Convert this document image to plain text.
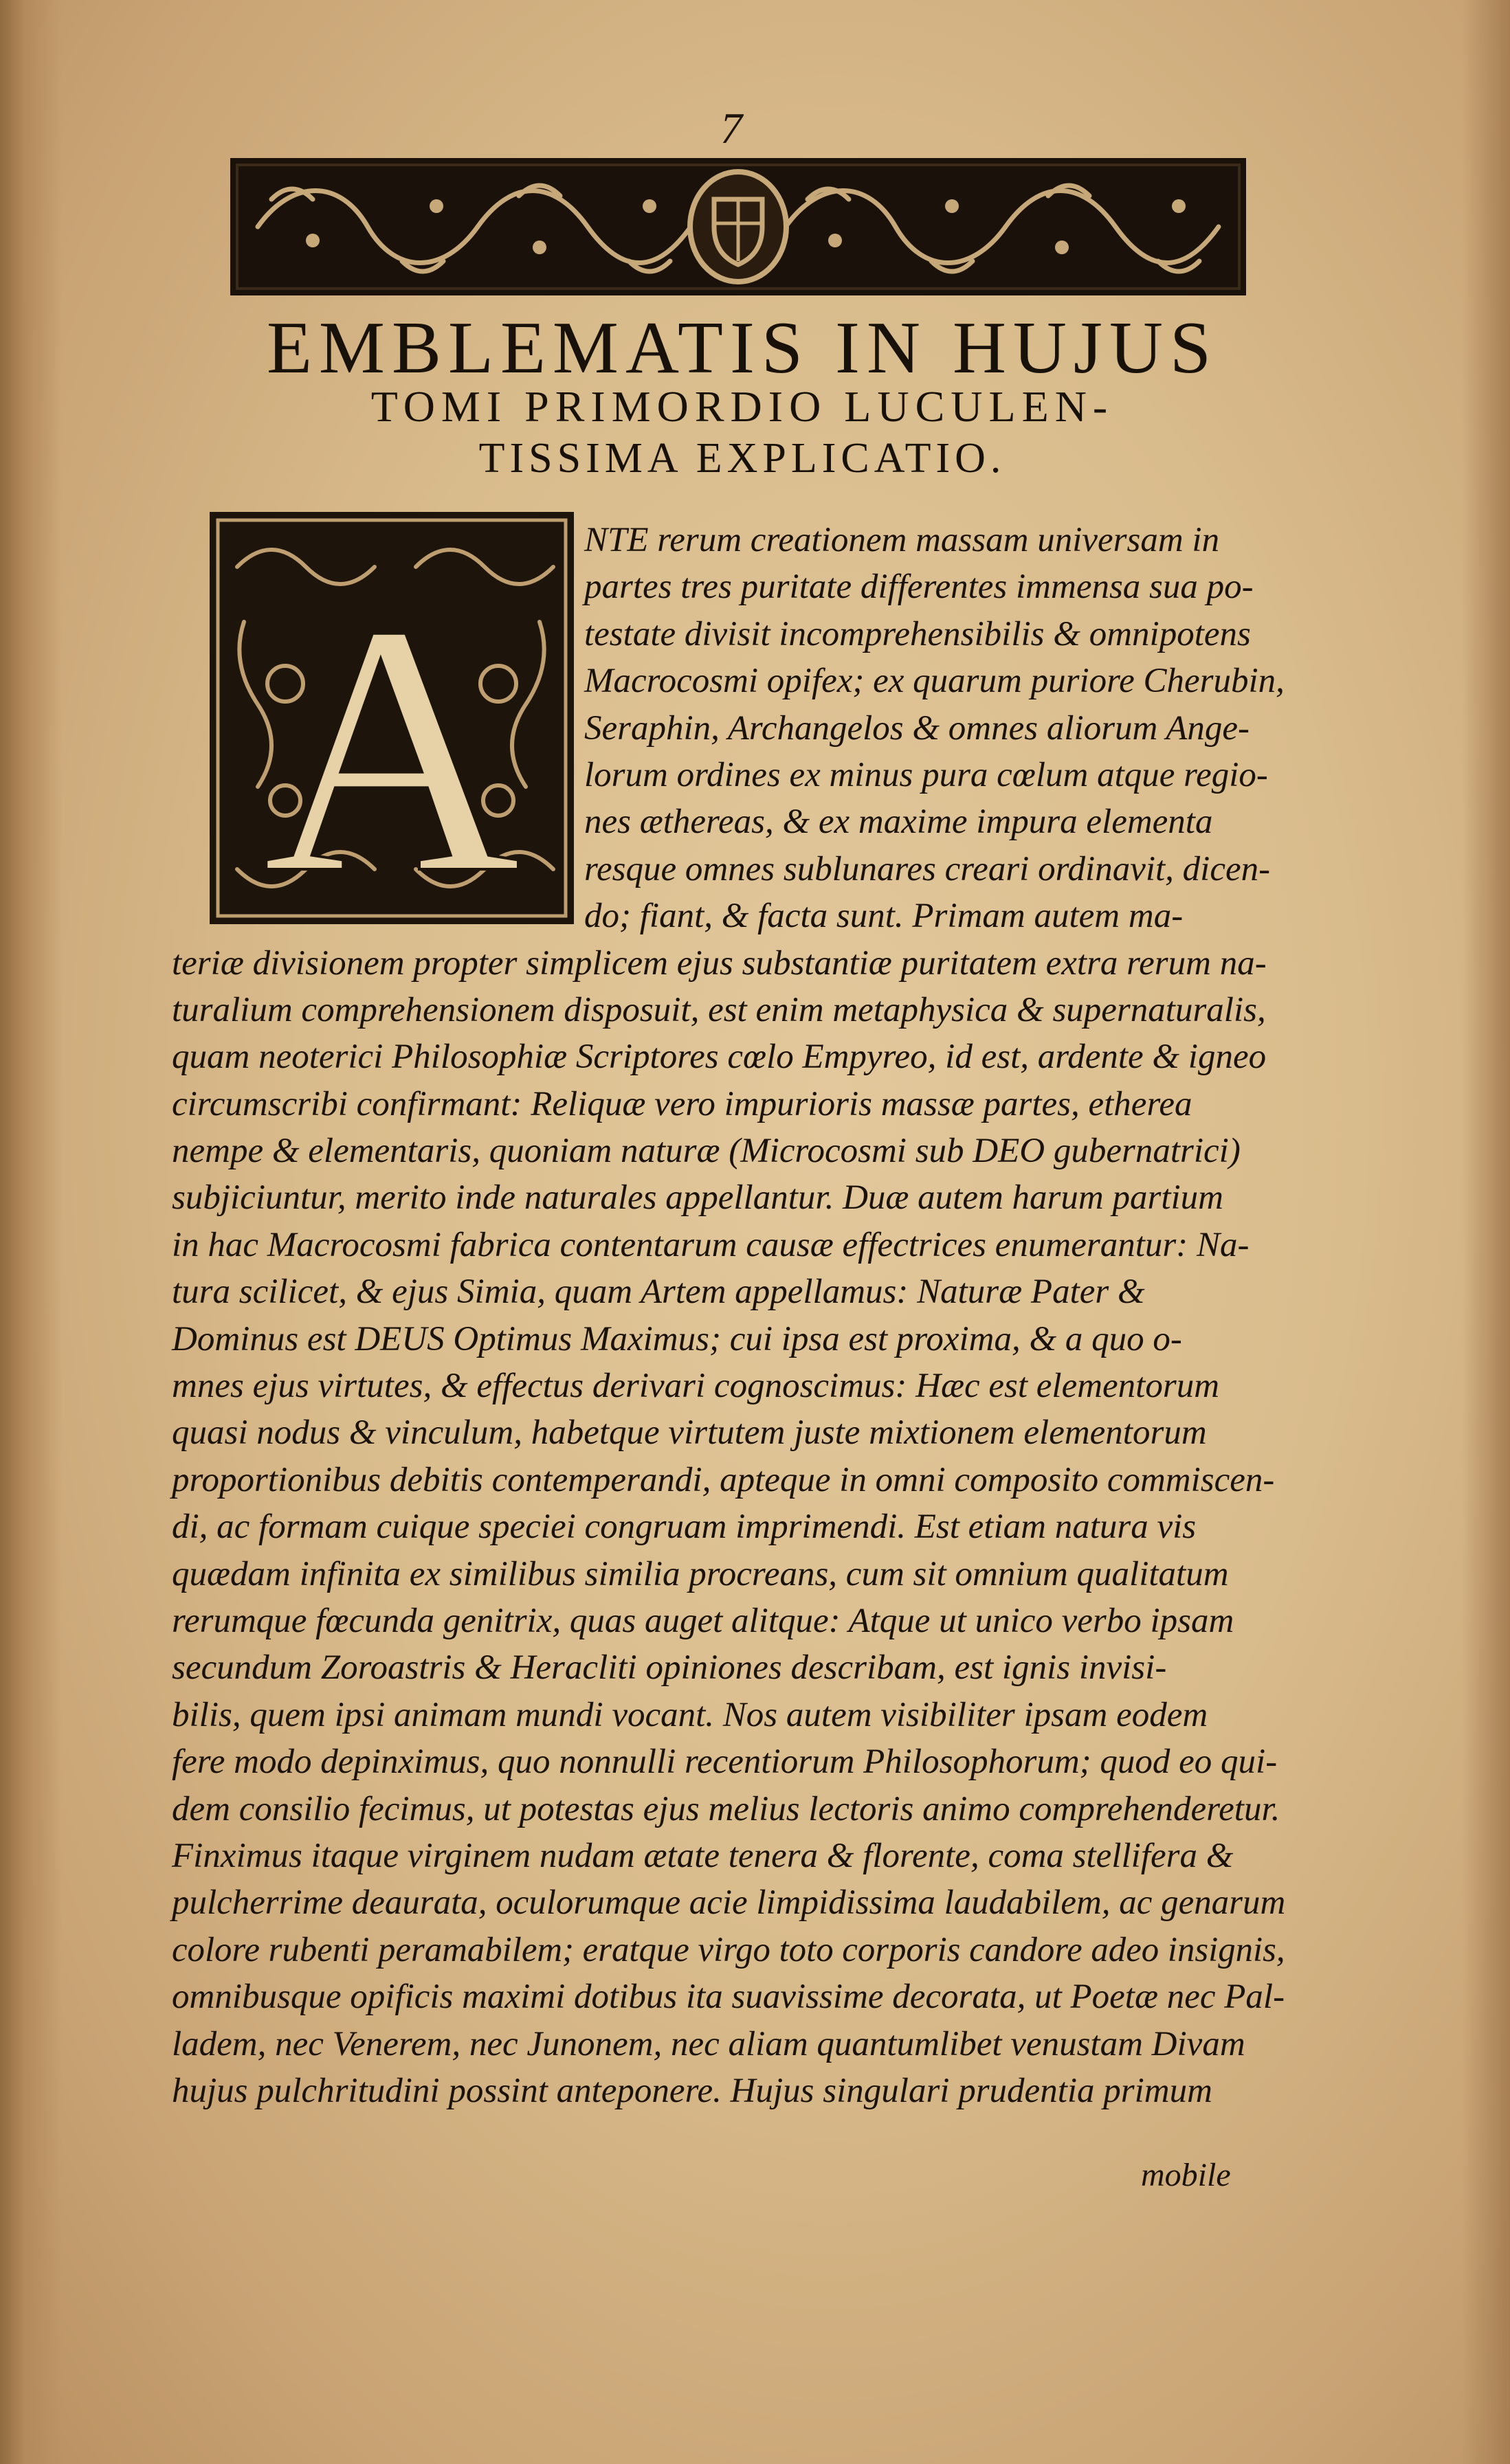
7
EMBLEMATIS IN HUJUS
TOMI PRIMORDIO LUCULEN-
TISSIMA EXPLICATIO.
A
NTE rerum creationem massam universam in
partes tres puritate differentes immensa sua po-
testate divisit incomprehensibilis & omnipotens
Macrocosmi opifex; ex quarum puriore Cherubin,
Seraphin, Archangelos & omnes aliorum Ange-
lorum ordines ex minus pura cœlum atque regio-
nes æthereas, & ex maxime impura elementa
resque omnes sublunares creari ordinavit, dicen-
do; fiant, & facta sunt. Primam autem ma-
teriæ divisionem propter simplicem ejus substantiæ puritatem extra rerum na-
turalium comprehensionem disposuit, est enim metaphysica & supernaturalis,
quam neoterici Philosophiæ Scriptores cœlo Empyreo, id est, ardente & igneo
circumscribi confirmant: Reliquæ vero impurioris massæ partes, etherea
nempe & elementaris, quoniam naturæ (Microcosmi sub DEO gubernatrici)
subjiciuntur, merito inde naturales appellantur. Duæ autem harum partium
in hac Macrocosmi fabrica contentarum causæ effectrices enumerantur: Na-
tura scilicet, & ejus Simia, quam Artem appellamus: Naturæ Pater &
Dominus est DEUS Optimus Maximus; cui ipsa est proxima, & a quo o-
mnes ejus virtutes, & effectus derivari cognoscimus: Hæc est elementorum
quasi nodus & vinculum, habetque virtutem juste mixtionem elementorum
proportionibus debitis contemperandi, apteque in omni composito commiscen-
di, ac formam cuique speciei congruam imprimendi. Est etiam natura vis
quædam infinita ex similibus similia procreans, cum sit omnium qualitatum
rerumque fœcunda genitrix, quas auget alitque: Atque ut unico verbo ipsam
secundum Zoroastris & Heracliti opiniones describam, est ignis invisi-
bilis, quem ipsi animam mundi vocant. Nos autem visibiliter ipsam eodem
fere modo depinximus, quo nonnulli recentiorum Philosophorum; quod eo qui-
dem consilio fecimus, ut potestas ejus melius lectoris animo comprehenderetur.
Finximus itaque virginem nudam ætate tenera & florente, coma stellifera &
pulcherrime deaurata, oculorumque acie limpidissima laudabilem, ac genarum
colore rubenti peramabilem; eratque virgo toto corporis candore adeo insignis,
omnibusque opificis maximi dotibus ita suavissime decorata, ut Poetæ nec Pal-
ladem, nec Venerem, nec Junonem, nec aliam quantumlibet venustam Divam
hujus pulchritudini possint anteponere. Hujus singulari prudentia primum
mobile
